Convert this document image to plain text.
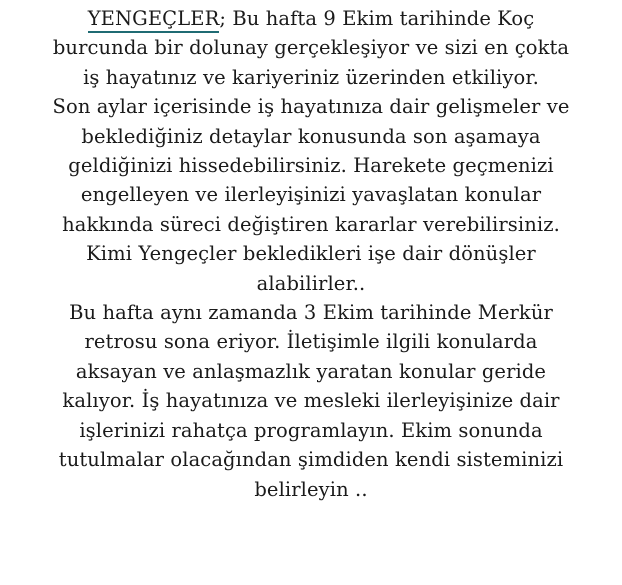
YENGEÇLER; Bu hafta 9 Ekim tarihinde Koç
burcunda bir dolunay gerçekleşiyor ve sizi en çokta
iş hayatınız ve kariyeriniz üzerinden etkiliyor.
Son aylar içerisinde iş hayatınıza dair gelişmeler ve
beklediğiniz detaylar konusunda son aşamaya
geldiğinizi hissedebilirsiniz. Harekete geçmenizi
engelleyen ve ilerleyişinizi yavaşlatan konular
hakkında süreci değiştiren kararlar verebilirsiniz.
Kimi Yengeçler bekledikleri işe dair dönüşler
alabilirler..
Bu hafta aynı zamanda 3 Ekim tarihinde Merkür
retrosu sona eriyor. İletişimle ilgili konularda
aksayan ve anlaşmazlık yaratan konular geride
kalıyor. İş hayatınıza ve mesleki ilerleyişinize dair
işlerinizi rahatça programlayın. Ekim sonunda
tutulmalar olacağından şimdiden kendi sisteminizi
belirleyin ..
